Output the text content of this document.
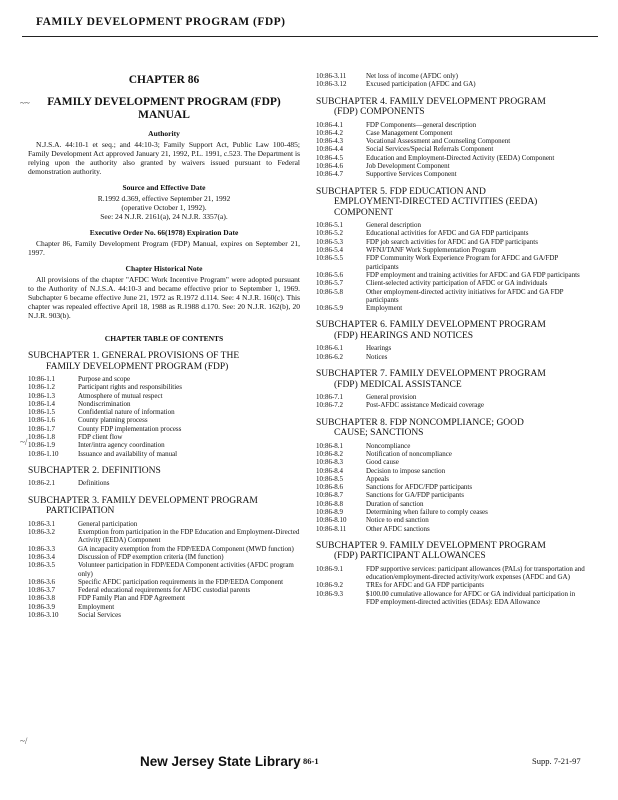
FAMILY DEVELOPMENT PROGRAM (FDP)
CHAPTER 86
FAMILY DEVELOPMENT PROGRAM (FDP) MANUAL
Authority
N.J.S.A. 44:10-1 et seq.; and 44:10-3; Family Support Act, Public Law 100-485; Family Development Act approved January 21, 1992, P.L. 1991, c.523. The Department is relying upon the authority also granted by waivers issued pursuant to Federal demonstration authority.
Source and Effective Date
R.1992 d.369, effective September 21, 1992
(operative October 1, 1992).
See: 24 N.J.R. 2161(a), 24 N.J.R. 3357(a).
Executive Order No. 66(1978) Expiration Date
Chapter 86, Family Development Program (FDP) Manual, expires on September 21, 1997.
Chapter Historical Note
All provisions of the chapter "AFDC Work Incentive Program" were adopted pursuant to the Authority of N.J.S.A. 44:10-3 and became effective prior to September 1, 1969. Subchapter 6 became effective June 21, 1972 as R.1972 d.114. See: 4 N.J.R. 160(c). This chapter was repealed effective April 18, 1988 as R.1988 d.170. See: 20 N.J.R. 162(b), 20 N.J.R. 903(b).
CHAPTER TABLE OF CONTENTS
SUBCHAPTER 1. GENERAL PROVISIONS OF THE
FAMILY DEVELOPMENT PROGRAM (FDP)
10:86-1.1	Purpose and scope
10:86-1.2	Participant rights and responsibilities
10:86-1.3	Atmosphere of mutual respect
10:86-1.4	Nondiscrimination
10:86-1.5	Confidential nature of information
10:86-1.6	County planning process
10:86-1.7	County FDP implementation process
10:86-1.8	FDP client flow
10:86-1.9	Inter/intra agency coordination
10:86-1.10	Issuance and availability of manual
SUBCHAPTER 2. DEFINITIONS
10:86-2.1	Definitions
SUBCHAPTER 3. FAMILY DEVELOPMENT PROGRAM
PARTICIPATION
10:86-3.1	General participation
10:86-3.2	Exemption from participation in the FDP Education and Employment-Directed Activity (EEDA) Component
10:86-3.3	GA incapacity exemption from the FDP/EEDA Component (MWD function)
10:86-3.4	Discussion of FDP exemption criteria (IM function)
10:86-3.5	Volunteer participation in FDP/EEDA Component activities (AFDC program only)
10:86-3.6	Specific AFDC participation requirements in the FDP/EEDA Component
10:86-3.7	Federal educational requirements for AFDC custodial parents
10:86-3.8	FDP Family Plan and FDP Agreement
10:86-3.9	Employment
10:86-3.10	Social Services
10:86-3.11	Net loss of income (AFDC only)
10:86-3.12	Excused participation (AFDC and GA)
SUBCHAPTER 4. FAMILY DEVELOPMENT PROGRAM
(FDP) COMPONENTS
10:86-4.1	FDP Components—general description
10:86-4.2	Case Management Component
10:86-4.3	Vocational Assessment and Counseling Component
10:86-4.4	Social Services/Special Referrals Component
10:86-4.5	Education and Employment-Directed Activity (EEDA) Component
10:86-4.6	Job Development Component
10:86-4.7	Supportive Services Component
SUBCHAPTER 5. FDP EDUCATION AND
EMPLOYMENT-DIRECTED ACTIVITIES (EEDA) COMPONENT
10:86-5.1	General description
10:86-5.2	Educational activities for AFDC and GA FDP participants
10:86-5.3	FDP job search activities for AFDC and GA FDP participants
10:86-5.4	WFNJ/TANF Work Supplementation Program
10:86-5.5	FDP Community Work Experience Program for AFDC and GA/FDP participants
10:86-5.6	FDP employment and training activities for AFDC and GA FDP participants
10:86-5.7	Client-selected activity participation of AFDC or GA individuals
10:86-5.8	Other employment-directed activity initiatives for AFDC and GA FDP participants
10:86-5.9	Employment
SUBCHAPTER 6. FAMILY DEVELOPMENT PROGRAM
(FDP) HEARINGS AND NOTICES
10:86-6.1	Hearings
10:86-6.2	Notices
SUBCHAPTER 7. FAMILY DEVELOPMENT PROGRAM
(FDP) MEDICAL ASSISTANCE
10:86-7.1	General provision
10:86-7.2	Post-AFDC assistance Medicaid coverage
SUBCHAPTER 8. FDP NONCOMPLIANCE; GOOD
CAUSE; SANCTIONS
10:86-8.1	Noncompliance
10:86-8.2	Notification of noncompliance
10:86-8.3	Good cause
10:86-8.4	Decision to impose sanction
10:86-8.5	Appeals
10:86-8.6	Sanctions for AFDC/FDP participants
10:86-8.7	Sanctions for GA/FDP participants
10:86-8.8	Duration of sanction
10:86-8.9	Determining when failure to comply ceases
10:86-8.10	Notice to end sanction
10:86-8.11	Other AFDC sanctions
SUBCHAPTER 9. FAMILY DEVELOPMENT PROGRAM
(FDP) PARTICIPANT ALLOWANCES
10:86-9.1	FDP supportive services: participant allowances (PALs) for transportation and education/employment-directed activity/work expenses (AFDC and GA)
10:86-9.2	TREs for AFDC and GA FDP participants
10:86-9.3	$100.00 cumulative allowance for AFDC or GA individual participation in FDP employment-directed activities (EDAs): EDA Allowance
~~
~/
~/
New Jersey State Library 86-1	Supp. 7-21-97
